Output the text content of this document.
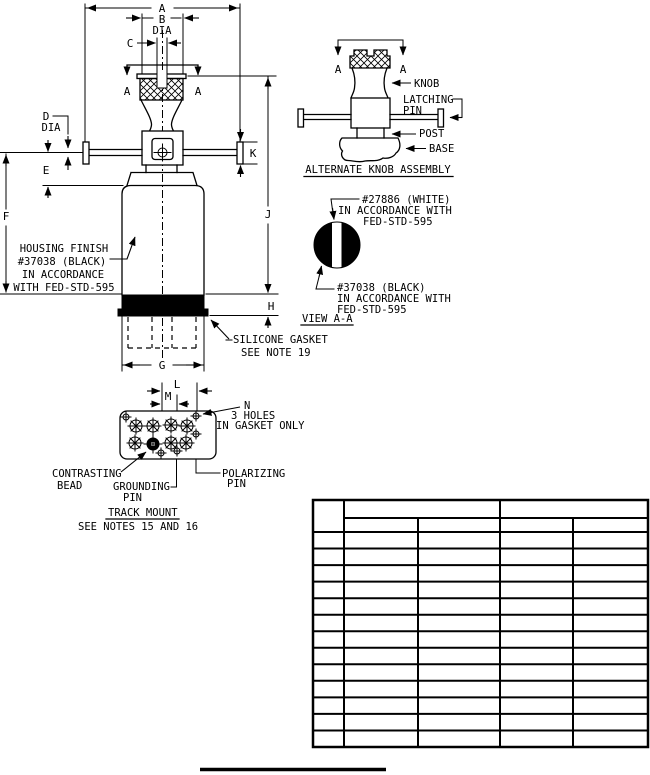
A
B
DIA
C
A	A
D
DIA
E
F
HOUSING FINISH
#37038 (BLACK)
IN ACCORDANCE
WITH FED-STD-595
G
J
K
H
SILICONE GASKET
SEE NOTE 19
A	A
KNOB
LATCHING
PIN
POST
BASE
ALTERNATE KNOB ASSEMBLY
#27886 (WHITE)
IN ACCORDANCE WITH
FED-STD-595
#37038 (BLACK)
IN ACCORDANCE WITH
FED-STD-595
VIEW A-A
L
M
N
3 HOLES
IN GASKET ONLY
CONTRASTING
BEAD	GROUNDING
PIN
POLARIZING
PIN
TRACK MOUNT
SEE NOTES 15 AND 16
